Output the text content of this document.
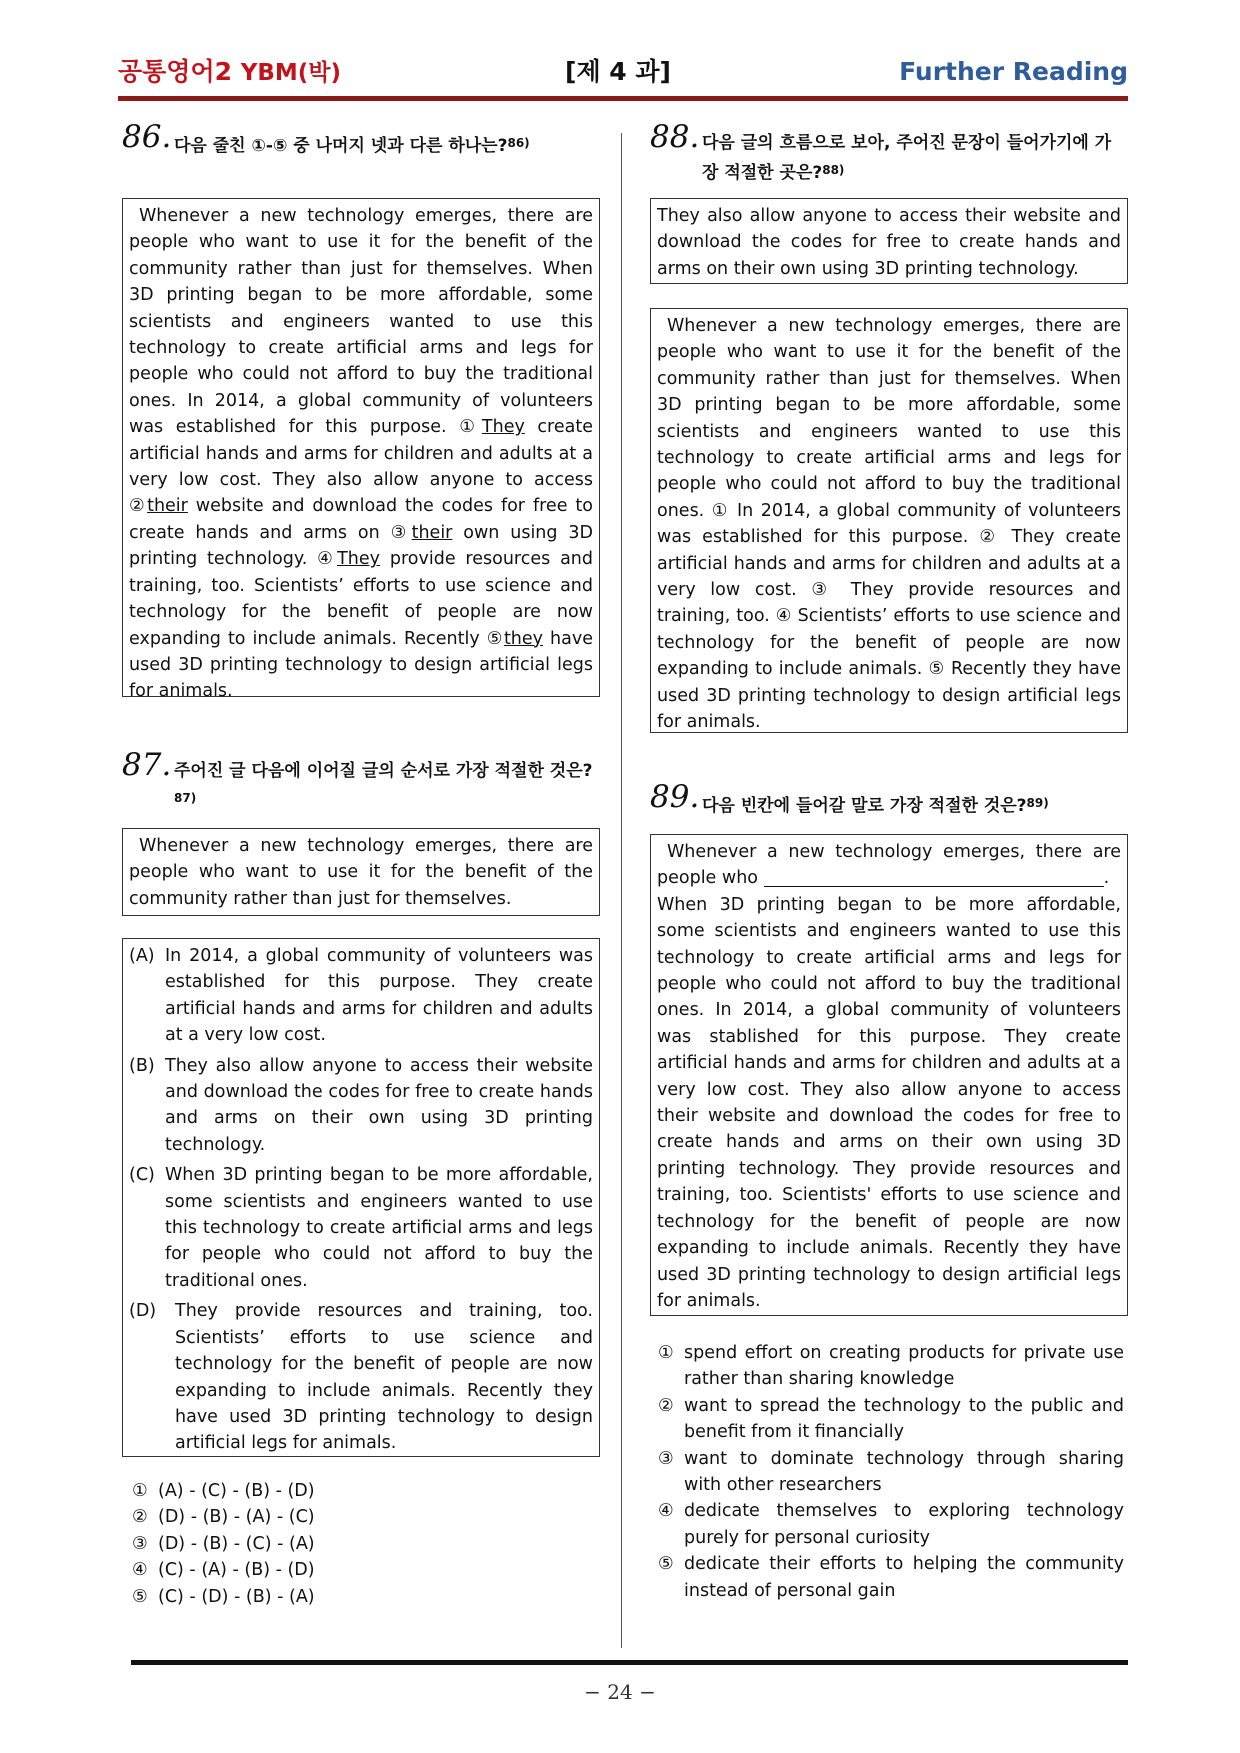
공통영어2 YBM(박)	[제 4 과]	Further Reading
86. 다음 줄친 ①-⑤ 중 나머지 넷과 다른 하나는?$^{86)}$
Whenever a new technology emerges, there are people who want to use it for the benefit of the community rather than just for themselves. When 3D printing began to be more affordable, some scientists and engineers wanted to use this technology to create artificial arms and legs for people who could not afford to buy the traditional ones. In 2014, a global community of volunteers was established for this purpose. ①They create artificial hands and arms for children and adults at a very low cost. They also allow anyone to access ②their website and download the codes for free to create hands and arms on ③their own using 3D printing technology. ④They provide resources and training, too. Scientists’ efforts to use science and technology for the benefit of people are now expanding to include animals. Recently ⑤they have used 3D printing technology to design artificial legs for animals.
87. 주어진 글 다음에 이어질 글의 순서로 가장 적절한 것은?$^{87)}$
Whenever a new technology emerges, there are people who want to use it for the benefit of the community rather than just for themselves.
(A) In 2014, a global community of volunteers was established for this purpose. They create artificial hands and arms for children and adults at a very low cost.
(B) They also allow anyone to access their website and download the codes for free to create hands and arms on their own using 3D printing technology.
(C) When 3D printing began to be more affordable, some scientists and engineers wanted to use this technology to create artificial arms and legs for people who could not afford to buy the traditional ones.
(D)	They provide resources and training, too. Scientists’ efforts to use science and technology for the benefit of people are now expanding to include animals. Recently they have used 3D printing technology to design artificial legs for animals.
① (A) - (C) - (B) - (D)
② (D) - (B) - (A) - (C)
③ (D) - (B) - (C) - (A)
④ (C) - (A) - (B) - (D)
⑤ (C) - (D) - (B) - (A)
88. 다음 글의 흐름으로 보아, 주어진 문장이 들어가기에 가장 적절한 곳은?$^{88)}$
They also allow anyone to access their website and download the codes for free to create hands and arms on their own using 3D printing technology.
Whenever a new technology emerges, there are people who want to use it for the benefit of the community rather than just for themselves. When 3D printing began to be more affordable, some scientists and engineers wanted to use this technology to create artificial arms and legs for people who could not afford to buy the traditional ones. ① In 2014, a global community of volunteers was established for this purpose. ② They create artificial hands and arms for children and adults at a very low cost. ③ They provide resources and training, too. ④ Scientists’ efforts to use science and technology for the benefit of people are now expanding to include animals. ⑤ Recently they have used 3D printing technology to design artificial legs for animals.
89. 다음 빈칸에 들어갈 말로 가장 적절한 것은?$^{89)}$
Whenever a new technology emerges, there are people who	.
When 3D printing began to be more affordable, some scientists and engineers wanted to use this technology to create artificial arms and legs for people who could not afford to buy the traditional ones. In 2014, a global community of volunteers was stablished for this purpose. They create artificial hands and arms for children and adults at a very low cost. They also allow anyone to access their website and download the codes for free to create hands and arms on their own using 3D printing technology. They provide resources and training, too. Scientists' efforts to use science and technology for the benefit of people are now expanding to include animals. Recently they have used 3D printing technology to design artificial legs for animals.
① spend effort on creating products for private use rather than sharing knowledge
② want to spread the technology to the public and benefit from it financially
③ want to dominate technology through sharing with other researchers
④ dedicate themselves to exploring technology purely for personal curiosity
⑤ dedicate their efforts to helping the community instead of personal gain
− 24 −
